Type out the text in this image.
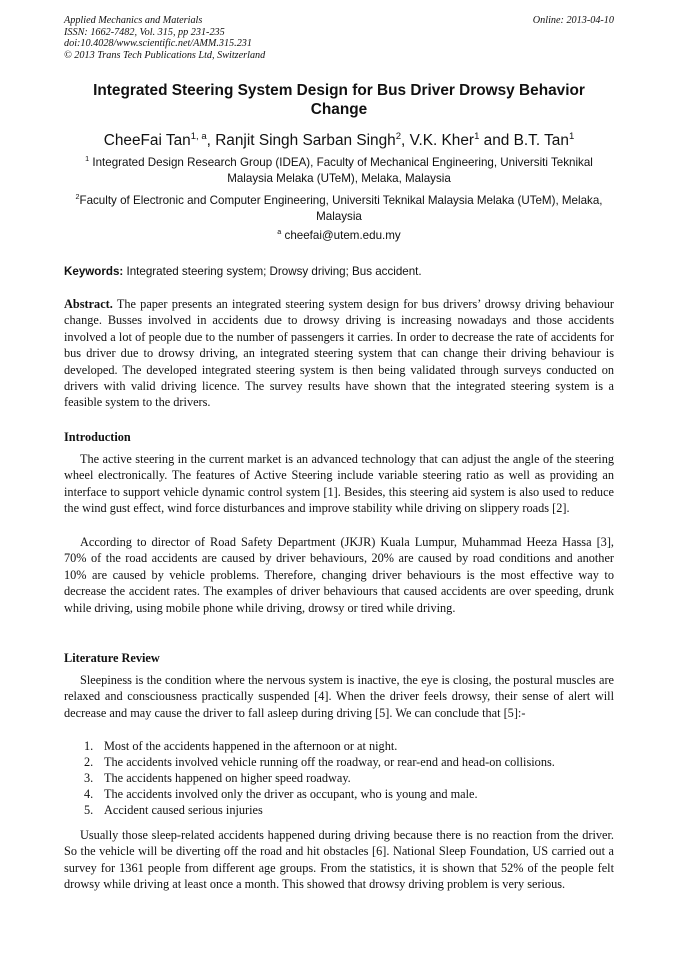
Applied Mechanics and Materials
ISSN: 1662-7482, Vol. 315, pp 231-235
doi:10.4028/www.scientific.net/AMM.315.231
© 2013 Trans Tech Publications Ltd, Switzerland
Online: 2013-04-10
Integrated Steering System Design for Bus Driver Drowsy Behavior Change
CheeFai Tan$^{1, a}$, Ranjit Singh Sarban Singh$^2$, V.K. Kher$^1$ and B.T. Tan$^1$
$^1$ Integrated Design Research Group (IDEA), Faculty of Mechanical Engineering, Universiti Teknikal Malaysia Melaka (UTeM), Melaka, Malaysia
$^2$Faculty of Electronic and Computer Engineering, Universiti Teknikal Malaysia Melaka (UTeM), Melaka, Malaysia
$^a$ cheefai@utem.edu.my
Keywords: Integrated steering system; Drowsy driving; Bus accident.
Abstract. The paper presents an integrated steering system design for bus drivers’ drowsy driving behaviour change. Busses involved in accidents due to drowsy driving is increasing nowadays and those accidents involved a lot of people due to the number of passengers it carries. In order to decrease the rate of accidents for bus driver due to drowsy driving, an integrated steering system that can change their driving behaviour is developed. The developed integrated steering system is then being validated through surveys conducted on drivers with valid driving licence. The survey results have shown that the integrated steering system is a feasible system to the drivers.
Introduction

The active steering in the current market is an advanced technology that can adjust the angle of the steering wheel electronically. The features of Active Steering include variable steering ratio as well as providing an interface to support vehicle dynamic control system [1]. Besides, this steering aid system is also used to reduce the wind gust effect, wind force disturbances and improve stability while driving on slippery roads [2].

According to director of Road Safety Department (JKJR) Kuala Lumpur, Muhammad Heeza Hassa [3], 70% of the road accidents are caused by driver behaviours, 20% are caused by road conditions and another 10% are caused by vehicle problems. Therefore, changing driver behaviours is the most effective way to decrease the accident rates. The examples of driver behaviours that caused accidents are over speeding, drunk while driving, using mobile phone while driving, drowsy or tired while driving.

Literature Review

Sleepiness is the condition where the nervous system is inactive, the eye is closing, the postural muscles are relaxed and consciousness practically suspended [4]. When the driver feels drowsy, their sense of alert will decrease and may cause the driver to fall asleep during driving [5]. We can conclude that [5]:-

1. Most of the accidents happened in the afternoon or at night.
2. The accidents involved vehicle running off the roadway, or rear-end and head-on collisions.
3. The accidents happened on higher speed roadway.
4. The accidents involved only the driver as occupant, who is young and male.
5. Accident caused serious injuries

Usually those sleep-related accidents happened during driving because there is no reaction from the driver. So the vehicle will be diverting off the road and hit obstacles [6]. National Sleep Foundation, US carried out a survey for 1361 people from different age groups. From the statistics, it is shown that 52% of the people felt drowsy while driving at least once a month. This showed that drowsy driving problem is very serious.
